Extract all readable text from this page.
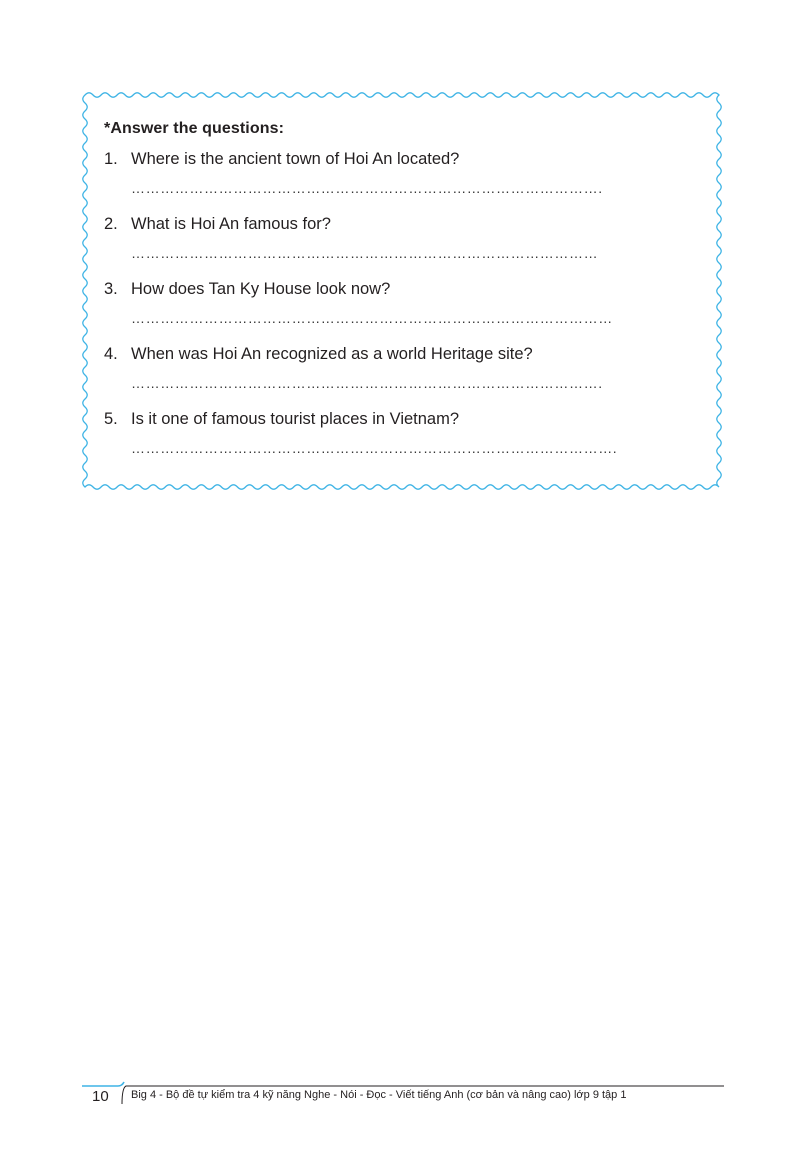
*Answer the questions:
1. Where is the ancient town of Hoi An located?
…………………………………………………………………………………….
2. What is Hoi An famous for?
……………………………………………………………………………………
3. How does Tan Ky House look now?
………………………………………………………………………………………
4. When was Hoi An recognized as a world Heritage site?
…………………………………………………………………………………….
5. Is it one of famous tourist places in Vietnam?
……………………………………………………………………………………….
10 Big 4 - Bộ đề tự kiểm tra 4 kỹ năng Nghe - Nói - Đọc - Viết tiếng Anh (cơ bản và nâng cao) lớp 9 tập 1
